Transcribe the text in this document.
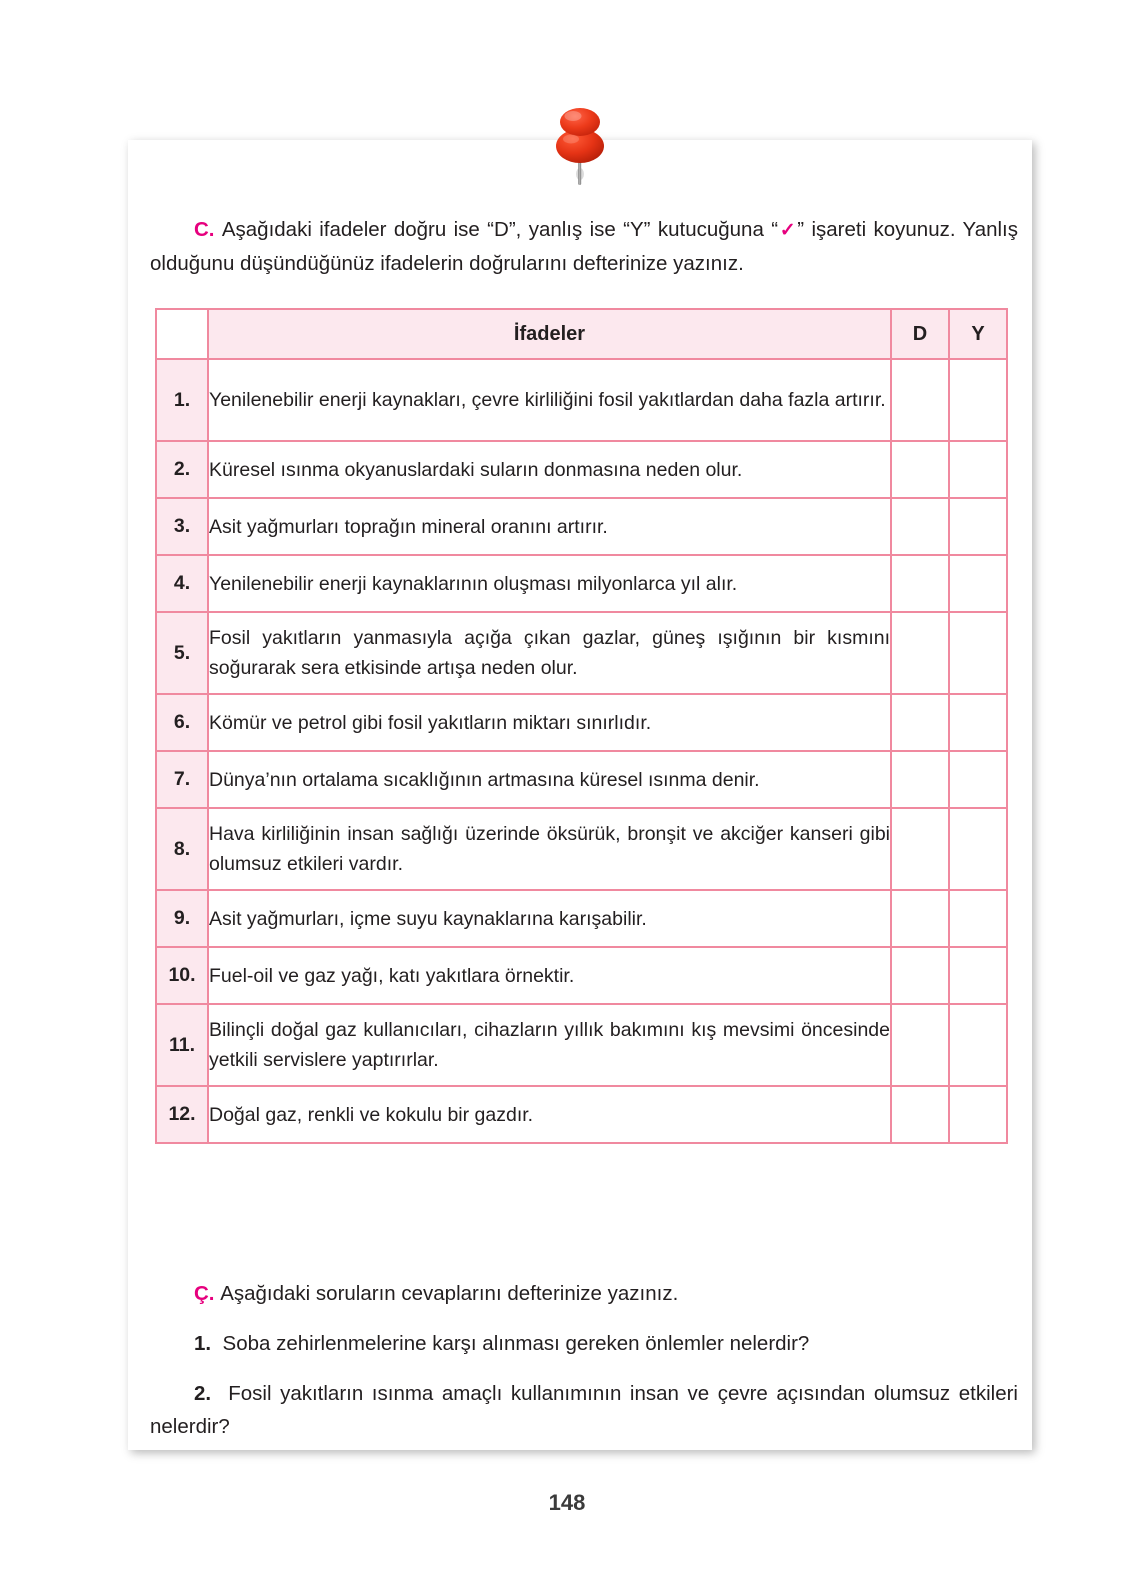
C. Aşağıdaki ifadeler doğru ise “D”, yanlış ise “Y” kutucuğuna “✓” işareti koyunuz. Yanlış olduğunu düşündüğünüz ifadelerin doğrularını defterinize yazınız.

	İfadeler	D	Y
1.	Yenilenebilir enerji kaynakları, çevre kirliliğini fosil yakıtlardan daha fazla artırır.		
2.	Küresel ısınma okyanuslardaki suların donmasına neden olur.		
3.	Asit yağmurları toprağın mineral oranını artırır.		
4.	Yenilenebilir enerji kaynaklarının oluşması milyonlarca yıl alır.		
5.	Fosil yakıtların yanmasıyla açığa çıkan gazlar, güneş ışığının bir kısmını soğurarak sera etkisinde artışa neden olur.		
6.	Kömür ve petrol gibi fosil yakıtların miktarı sınırlıdır.		
7.	Dünya’nın ortalama sıcaklığının artmasına küresel ısınma denir.		
8.	Hava kirliliğinin insan sağlığı üzerinde öksürük, bronşit ve akciğer kanseri gibi olumsuz etkileri vardır.		
9.	Asit yağmurları, içme suyu kaynaklarına karışabilir.		
10.	Fuel-oil ve gaz yağı, katı yakıtlara örnektir.		
11.	Bilinçli doğal gaz kullanıcıları, cihazların yıllık bakımını kış mevsimi öncesinde yetkili servislere yaptırırlar.		
12.	Doğal gaz, renkli ve kokulu bir gazdır.		

Ç. Aşağıdaki soruların cevaplarını defterinize yazınız.

1. Soba zehirlenmelerine karşı alınması gereken önlemler nelerdir?

2. Fosil yakıtların ısınma amaçlı kullanımının insan ve çevre açısından olumsuz etkileri nelerdir?

148
